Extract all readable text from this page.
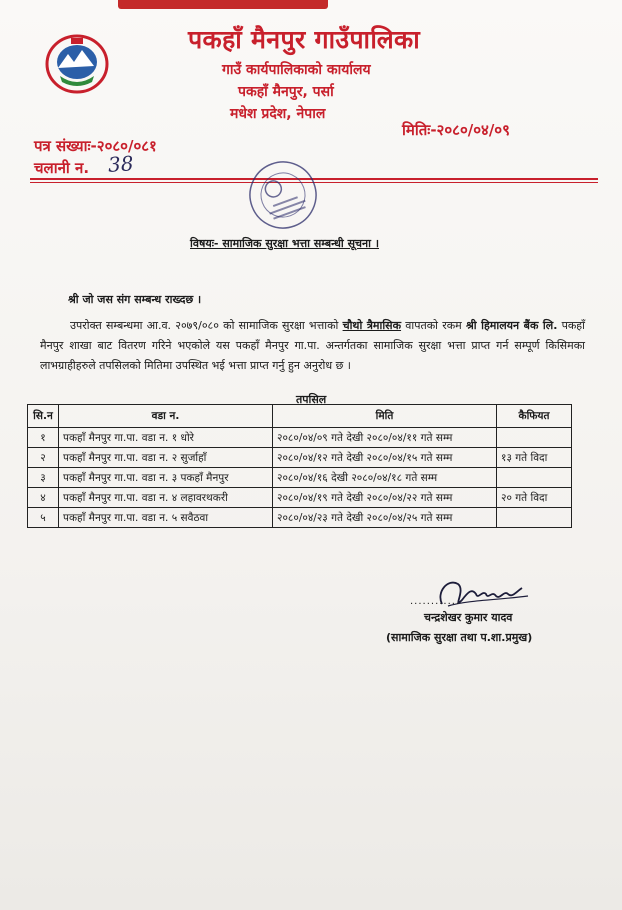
पकहाँ मैनपुर गाउँपालिका
गाउँ कार्यपालिकाको कार्यालय
पकहाँ मैनपुर, पर्सा
मधेश प्रदेश, नेपाल
पत्र संख्याः-२०८०/०८१
चलानी न. 38
मितिः-२०८०/०४/०९
विषयः- सामाजिक सुरक्षा भत्ता सम्बन्धी सूचना ।
श्री जो जस संग सम्बन्ध राख्दछ ।
उपरोक्त सम्बन्धमा आ.व. २०७९/०८० को सामाजिक सुरक्षा भत्ताको चौथो त्रैमासिक वापतको रकम श्री हिमालयन बैंक लि. पकहाँ मैनपुर शाखा बाट वितरण गरिने भएकोले यस पकहाँ मैनपुर गा.पा. अन्तर्गतका सामाजिक सुरक्षा भत्ता प्राप्त गर्न सम्पूर्ण किसिमका लाभग्राहीहरुले तपसिलको मितिमा उपस्थित भई भत्ता प्राप्त गर्नु हुन अनुरोध छ ।
तपसिल
सि.न	वडा न.	मिति	कैफियत
१	पकहाँ मैनपुर गा.पा. वडा न. १ धोरे	२०८०/०४/०९ गते देखी २०८०/०४/११ गते सम्म	
२	पकहाँ मैनपुर गा.पा. वडा न. २ सुर्जाहाँ	२०८०/०४/१२ गते देखी २०८०/०४/१५ गते सम्म	१३ गते विदा
३	पकहाँ मैनपुर गा.पा. वडा न. ३ पकहाँ मैनपुर	२०८०/०४/१६ देखी २०८०/०४/१८ गते सम्म	
४	पकहाँ मैनपुर गा.पा. वडा न. ४ लहावरथकरी	२०८०/०४/१९ गते देखी २०८०/०४/२२ गते सम्म	२० गते विदा
५	पकहाँ मैनपुर गा.पा. वडा न. ५ सवैठवा	२०८०/०४/२३ गते देखी २०८०/०४/२५ गते सम्म	
............
चन्द्रशेखर कुमार यादव
(सामाजिक सुरक्षा तथा प.शा.प्रमुख)
